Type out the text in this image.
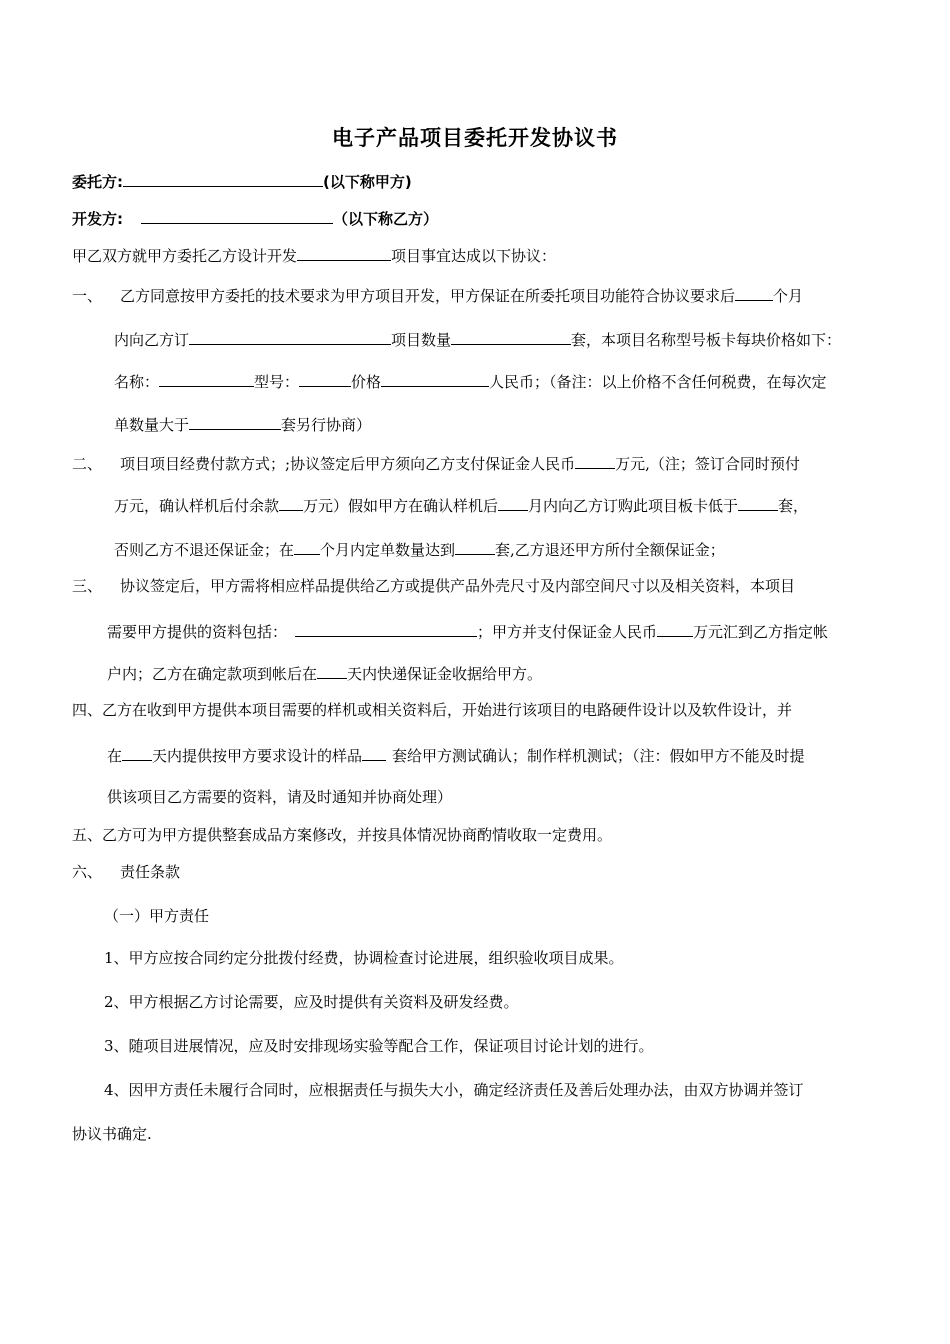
电子产品项目委托开发协议书
委托方:	(以下称甲方)
开发方:	（以下称乙方）
甲乙双方就甲方委托乙方设计开发	项目事宜达成以下协议：
一、 乙方同意按甲方委托的技术要求为甲方项目开发，甲方保证在所委托项目功能符合协议要求后	个月
内向乙方订	项目数量	套，本项目名称型号板卡每块价格如下：
名称：	型号：	价格	人民币；（备注：以上价格不含任何税费，在每次定
单数量大于	套另行协商）
二、 项目项目经费付款方式；;协议签定后甲方须向乙方支付保证金人民币	万元,（注；签订合同时预付
万元，确认样机后付余款 万元）假如甲方在确认样机后 月内向乙方订购此项目板卡低于	套，
否则乙方不退还保证金；在 个月内定单数量达到	套,乙方退还甲方所付全额保证金；
三、 协议签定后，甲方需将相应样品提供给乙方或提供产品外壳尺寸及内部空间尺寸以及相关资料，本项目
需要甲方提供的资料包括：	；甲方并支付保证金人民币 万元汇到乙方指定帐
户内；乙方在确定款项到帐后在 天内快递保证金收据给甲方。
四、乙方在收到甲方提供本项目需要的样机或相关资料后，开始进行该项目的电路硬件设计以及软件设计，并
在 天内提供按甲方要求设计的样品 套给甲方测试确认；制作样机测试；（注：假如甲方不能及时提
供该项目乙方需要的资料，请及时通知并协商处理）
五、乙方可为甲方提供整套成品方案修改，并按具体情况协商酌情收取一定费用。
六、 责任条款
（一）甲方责任
1、甲方应按合同约定分批拨付经费，协调检查讨论进展，组织验收项目成果。
2、甲方根据乙方讨论需要，应及时提供有关资料及研发经费。
3、随项目进展情况，应及时安排现场实验等配合工作，保证项目讨论计划的进行。
4、因甲方责任未履行合同时，应根据责任与损失大小，确定经济责任及善后处理办法，由双方协调并签订
协议书确定.
